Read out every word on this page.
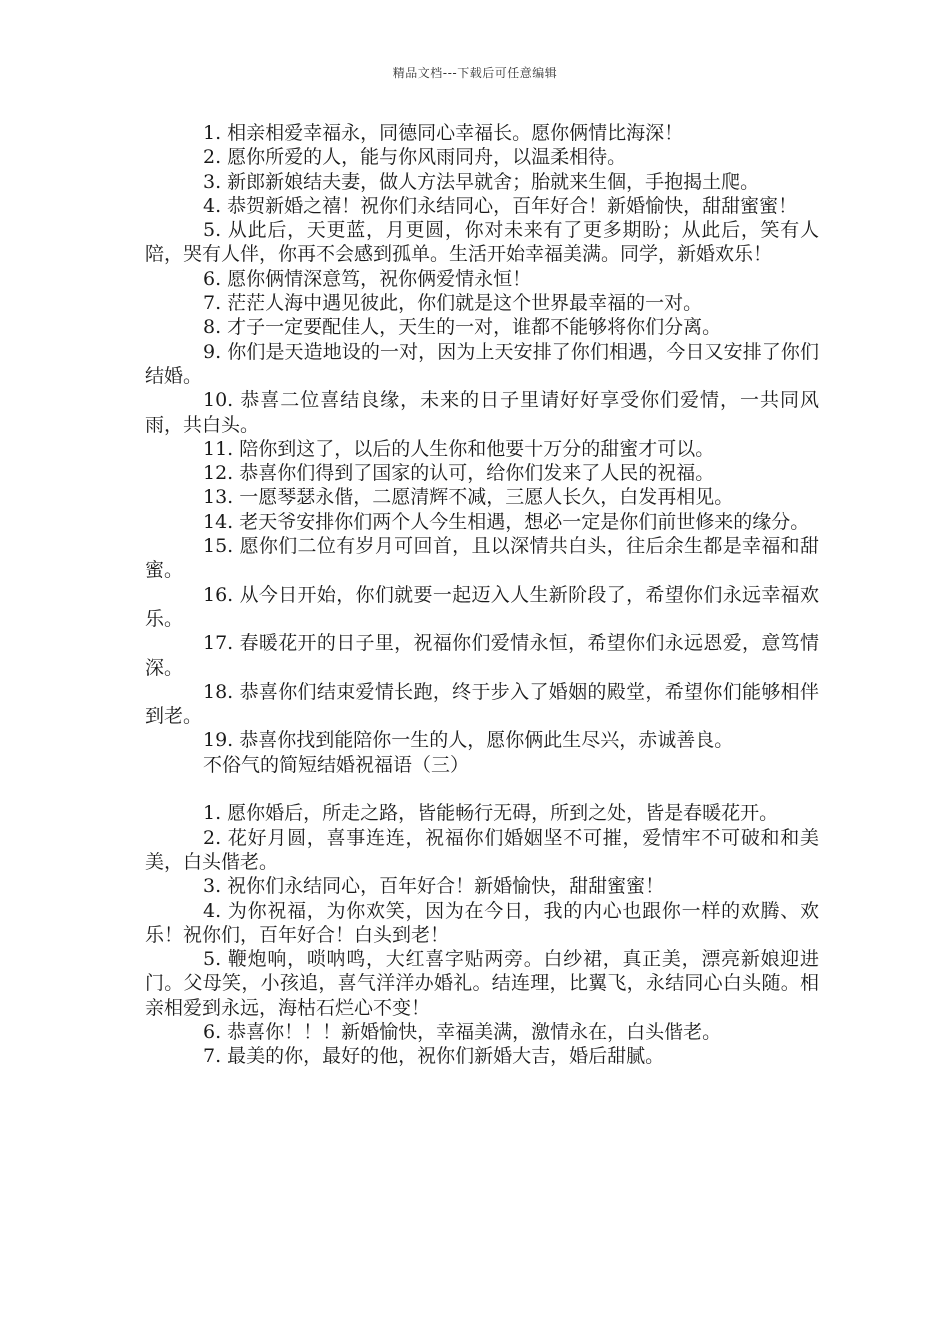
精品文档---下载后可任意编辑

1. 相亲相爱幸福永，同德同心幸福长。愿你俩情比海深！

2. 愿你所爱的人，能与你风雨同舟，以温柔相待。

3. 新郎新娘结夫妻，做人方法早就舍；胎就来生個，手抱揭土爬。

4. 恭贺新婚之禧！祝你们永结同心，百年好合！新婚愉快，甜甜蜜蜜！

5. 从此后，天更蓝，月更圆，你对未来有了更多期盼；从此后，笑有人陪，哭有人伴，你再不会感到孤单。生活开始幸福美满。同学，新婚欢乐！

6. 愿你俩情深意笃，祝你俩爱情永恒！

7. 茫茫人海中遇见彼此，你们就是这个世界最幸福的一对。

8. 才子一定要配佳人，天生的一对，谁都不能够将你们分离。

9. 你们是天造地设的一对，因为上天安排了你们相遇，今日又安排了你们结婚。

10. 恭喜二位喜结良缘，未来的日子里请好好享受你们爱情，一共同风雨，共白头。

11. 陪你到这了，以后的人生你和他要十万分的甜蜜才可以。

12. 恭喜你们得到了国家的认可，给你们发来了人民的祝福。

13. 一愿琴瑟永偕，二愿清辉不减，三愿人长久，白发再相见。

14. 老天爷安排你们两个人今生相遇，想必一定是你们前世修来的缘分。

15. 愿你们二位有岁月可回首，且以深情共白头，往后余生都是幸福和甜蜜。

16. 从今日开始，你们就要一起迈入人生新阶段了，希望你们永远幸福欢乐。

17. 春暖花开的日子里，祝福你们爱情永恒，希望你们永远恩爱，意笃情深。

18. 恭喜你们结束爱情长跑，终于步入了婚姻的殿堂，希望你们能够相伴到老。

19. 恭喜你找到能陪你一生的人，愿你俩此生尽兴，赤诚善良。

不俗气的简短结婚祝福语（三）

1. 愿你婚后，所走之路，皆能畅行无碍，所到之处，皆是春暖花开。

2. 花好月圆，喜事连连，祝福你们婚姻坚不可摧，爱情牢不可破和和美美，白头偕老。

3. 祝你们永结同心，百年好合！新婚愉快，甜甜蜜蜜！

4. 为你祝福，为你欢笑，因为在今日，我的内心也跟你一样的欢腾、欢乐！祝你们，百年好合！白头到老！

5. 鞭炮响，唢呐鸣，大红喜字贴两旁。白纱裙，真正美，漂亮新娘迎进门。父母笑，小孩追，喜气洋洋办婚礼。结连理，比翼飞，永结同心白头随。相亲相爱到永远，海枯石烂心不变！

6. 恭喜你！！！新婚愉快，幸福美满，激情永在，白头偕老。

7. 最美的你，最好的他，祝你们新婚大吉，婚后甜腻。
